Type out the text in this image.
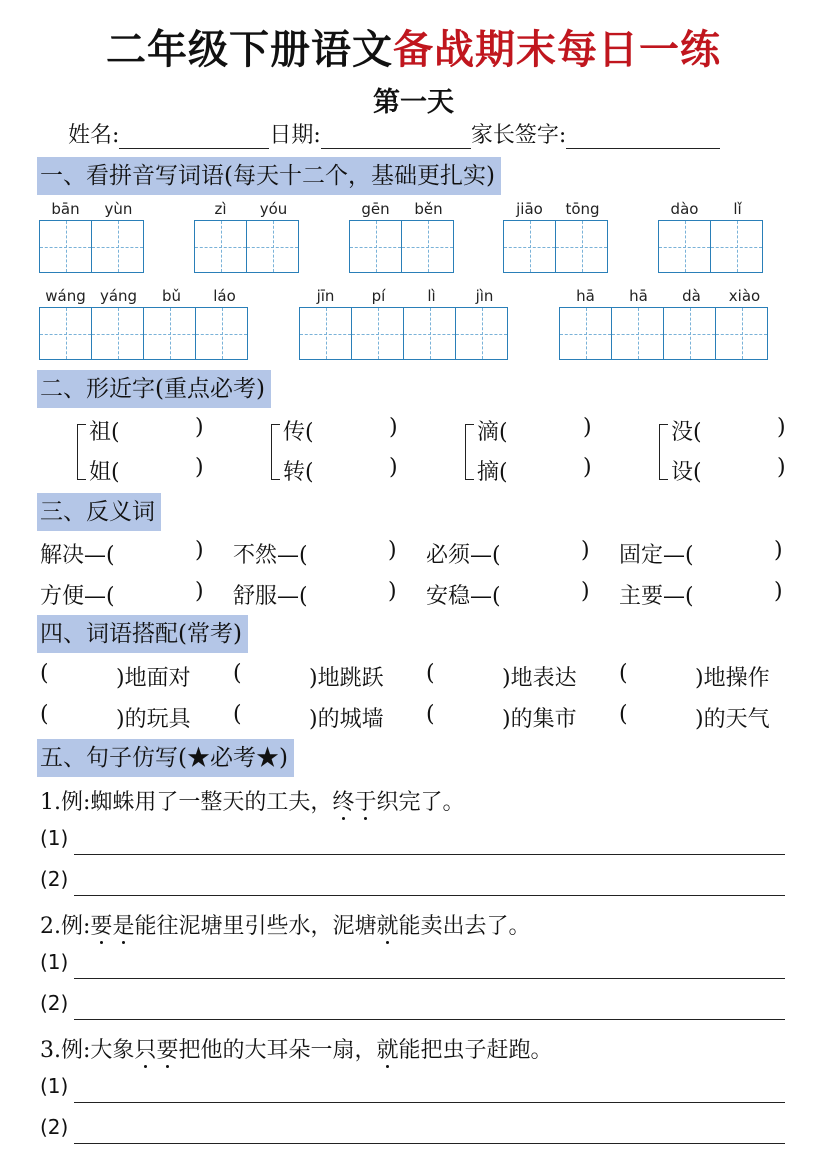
二年级下册语文备战期末每日一练
第一天
姓名:	日期:	家长签字:
一、看拼音写词语(每天十二个，基础更扎实)
bān	yùn	zì	yóu	gēn	běn	jiāo	tōng	dào	lǐ
wáng yáng	bǔ	láo	jīn	pí	lì	jìn	hā	hā	dà	xiào
二、形近字(重点必考)
祖(	)
姐(	)
传(	)
转(	)
滴(	)
摘(	)
没(	)
设(	)
三、反义词
解决—(	) 不然—(	) 必须—(	) 固定—(	)
方便—(	) 舒服—(	) 安稳—(	) 主要—(	)
四、词语搭配(常考)
(	)地面对 (	)地跳跃 (	)地表达 (	)地操作
(	)的玩具 (	)的城墙 (	)的集市 (	)的天气
五、句子仿写(★必考★)
1.例:蜘蛛用了一整天的工夫，终于织完了。
(1)
(2)
2.例:要是能往泥塘里引些水，泥塘就能卖出去了。
(1)
(2)
3.例:大象只要把他的大耳朵一扇，就能把虫子赶跑。
(1)
(2)
